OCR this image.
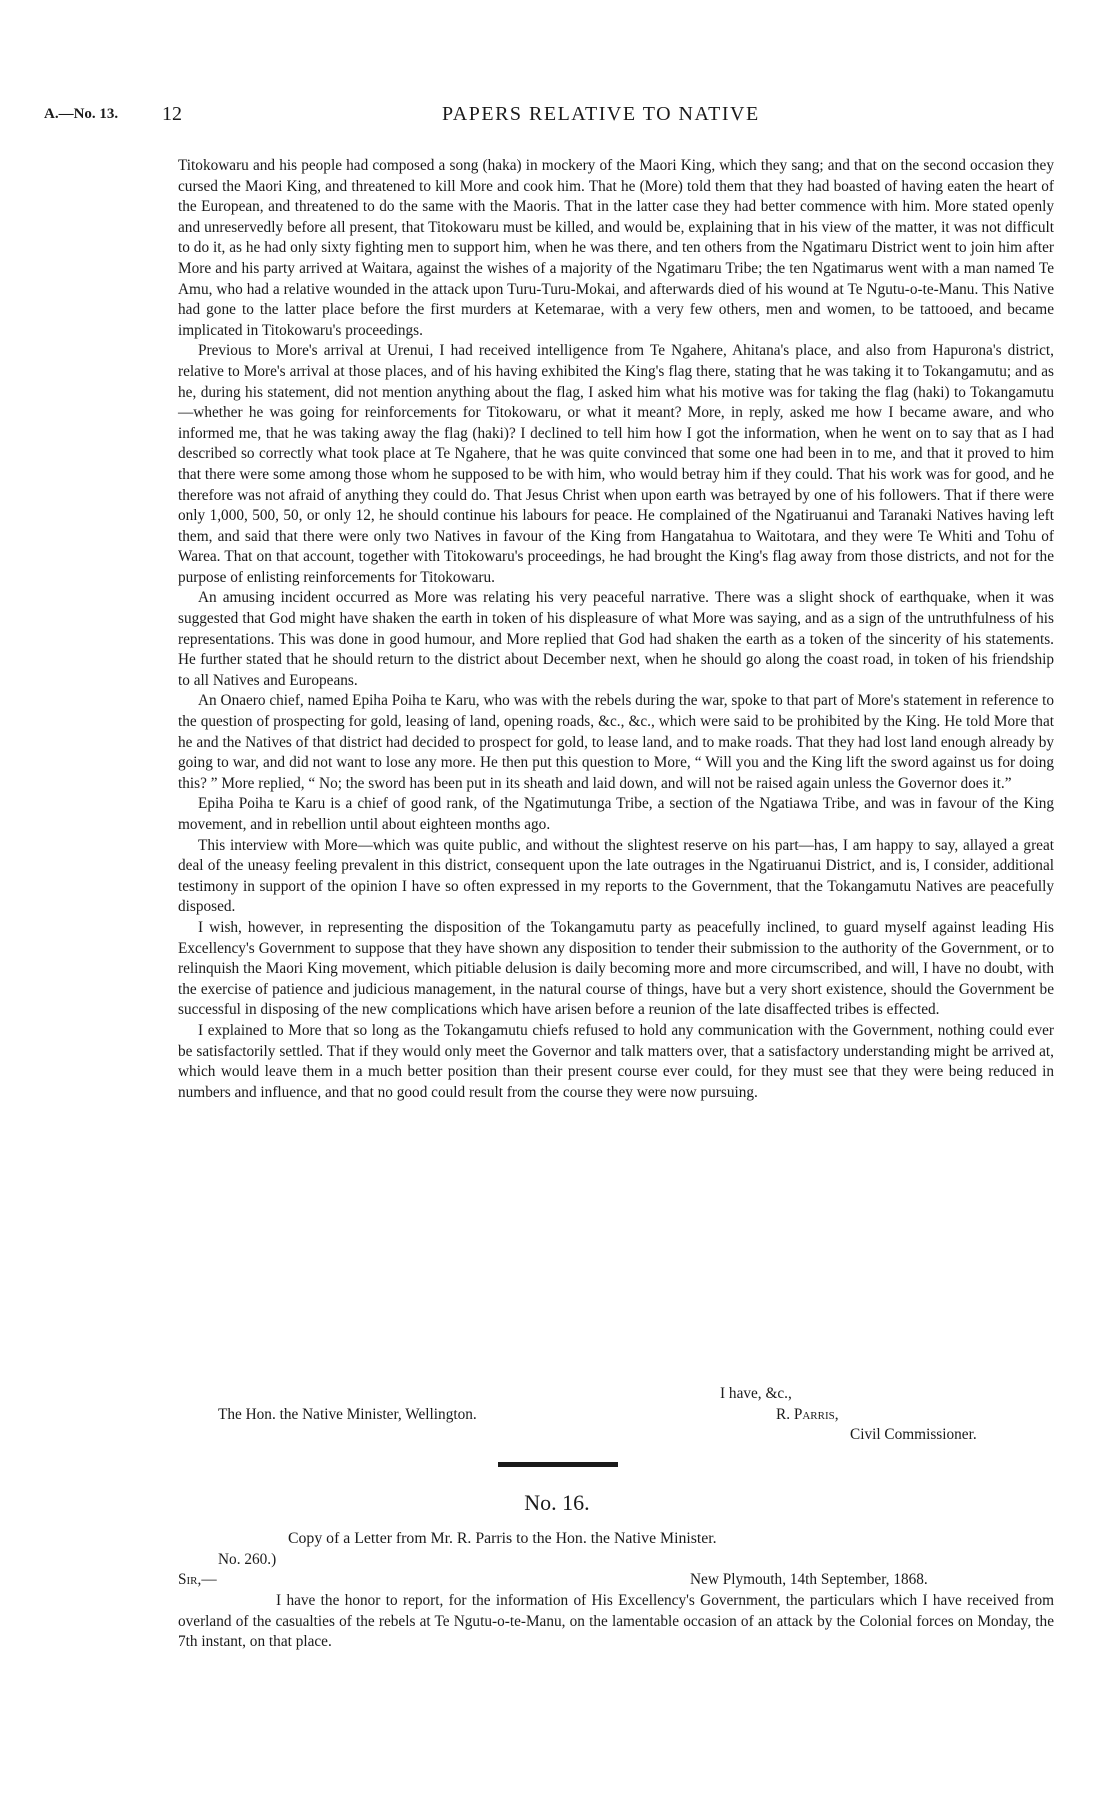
A.—No. 13. 12	PAPERS RELATIVE TO NATIVE

Titokowaru and his people had composed a song (haka) in mockery of the Maori King, which they sang; and that on the second occasion they cursed the Maori King, and threatened to kill More and cook him. That he (More) told them that they had boasted of having eaten the heart of the European, and threatened to do the same with the Maoris. That in the latter case they had better commence with him. More stated openly and unreservedly before all present, that Titokowaru must be killed, and would be, explaining that in his view of the matter, it was not difficult to do it, as he had only sixty fighting men to support him, when he was there, and ten others from the Ngatimaru District went to join him after More and his party arrived at Waitara, against the wishes of a majority of the Ngatimaru Tribe; the ten Ngatimarus went with a man named Te Amu, who had a relative wounded in the attack upon Turu-Turu-Mokai, and afterwards died of his wound at Te Ngutu-o-te-Manu. This Native had gone to the latter place before the first murders at Ketemarae, with a very few others, men and women, to be tattooed, and became implicated in Titokowaru's proceedings.

Previous to More's arrival at Urenui, I had received intelligence from Te Ngahere, Ahitana's place, and also from Hapurona's district, relative to More's arrival at those places, and of his having exhibited the King's flag there, stating that he was taking it to Tokangamutu; and as he, during his statement, did not mention anything about the flag, I asked him what his motive was for taking the flag (haki) to Tokangamutu—whether he was going for reinforcements for Titokowaru, or what it meant? More, in reply, asked me how I became aware, and who informed me, that he was taking away the flag (haki)? I declined to tell him how I got the information, when he went on to say that as I had described so correctly what took place at Te Ngahere, that he was quite convinced that some one had been in to me, and that it proved to him that there were some among those whom he supposed to be with him, who would betray him if they could. That his work was for good, and he therefore was not afraid of anything they could do. That Jesus Christ when upon earth was betrayed by one of his followers. That if there were only 1,000, 500, 50, or only 12, he should continue his labours for peace. He complained of the Ngatiruanui and Taranaki Natives having left them, and said that there were only two Natives in favour of the King from Hangatahua to Waitotara, and they were Te Whiti and Tohu of Warea. That on that account, together with Titokowaru's proceedings, he had brought the King's flag away from those districts, and not for the purpose of enlisting reinforcements for Titokowaru.

An amusing incident occurred as More was relating his very peaceful narrative. There was a slight shock of earthquake, when it was suggested that God might have shaken the earth in token of his displeasure of what More was saying, and as a sign of the untruthfulness of his representations. This was done in good humour, and More replied that God had shaken the earth as a token of the sincerity of his statements. He further stated that he should return to the district about December next, when he should go along the coast road, in token of his friendship to all Natives and Europeans.

An Onaero chief, named Epiha Poiha te Karu, who was with the rebels during the war, spoke to that part of More's statement in reference to the question of prospecting for gold, leasing of land, opening roads, &c., &c., which were said to be prohibited by the King. He told More that he and the Natives of that district had decided to prospect for gold, to lease land, and to make roads. That they had lost land enough already by going to war, and did not want to lose any more. He then put this question to More, “ Will you and the King lift the sword against us for doing this? ” More replied, “ No; the sword has been put in its sheath and laid down, and will not be raised again unless the Governor does it.”

Epiha Poiha te Karu is a chief of good rank, of the Ngatimutunga Tribe, a section of the Ngatiawa Tribe, and was in favour of the King movement, and in rebellion until about eighteen months ago.

This interview with More—which was quite public, and without the slightest reserve on his part—has, I am happy to say, allayed a great deal of the uneasy feeling prevalent in this district, consequent upon the late outrages in the Ngatiruanui District, and is, I consider, additional testimony in support of the opinion I have so often expressed in my reports to the Government, that the Tokangamutu Natives are peacefully disposed.

I wish, however, in representing the disposition of the Tokangamutu party as peacefully inclined, to guard myself against leading His Excellency's Government to suppose that they have shown any disposition to tender their submission to the authority of the Government, or to relinquish the Maori King movement, which pitiable delusion is daily becoming more and more circumscribed, and will, I have no doubt, with the exercise of patience and judicious management, in the natural course of things, have but a very short existence, should the Government be successful in disposing of the new complications which have arisen before a reunion of the late disaffected tribes is effected.

I explained to More that so long as the Tokangamutu chiefs refused to hold any communication with the Government, nothing could ever be satisfactorily settled. That if they would only meet the Governor and talk matters over, that a satisfactory understanding might be arrived at, which would leave them in a much better position than their present course ever could, for they must see that they were being reduced in numbers and influence, and that no good could result from the course they were now pursuing.

I have, &c.,
The Hon. the Native Minister, Wellington.	R. Parris,
Civil Commissioner.
No. 16.
Copy of a Letter from Mr. R. Parris to the Hon. the Native Minister.
No. 260.)
Sir,—	New Plymouth, 14th September, 1868.

I have the honor to report, for the information of His Excellency's Government, the particulars which I have received from overland of the casualties of the rebels at Te Ngutu-o-te-Manu, on the lamentable occasion of an attack by the Colonial forces on Monday, the 7th instant, on that place.
